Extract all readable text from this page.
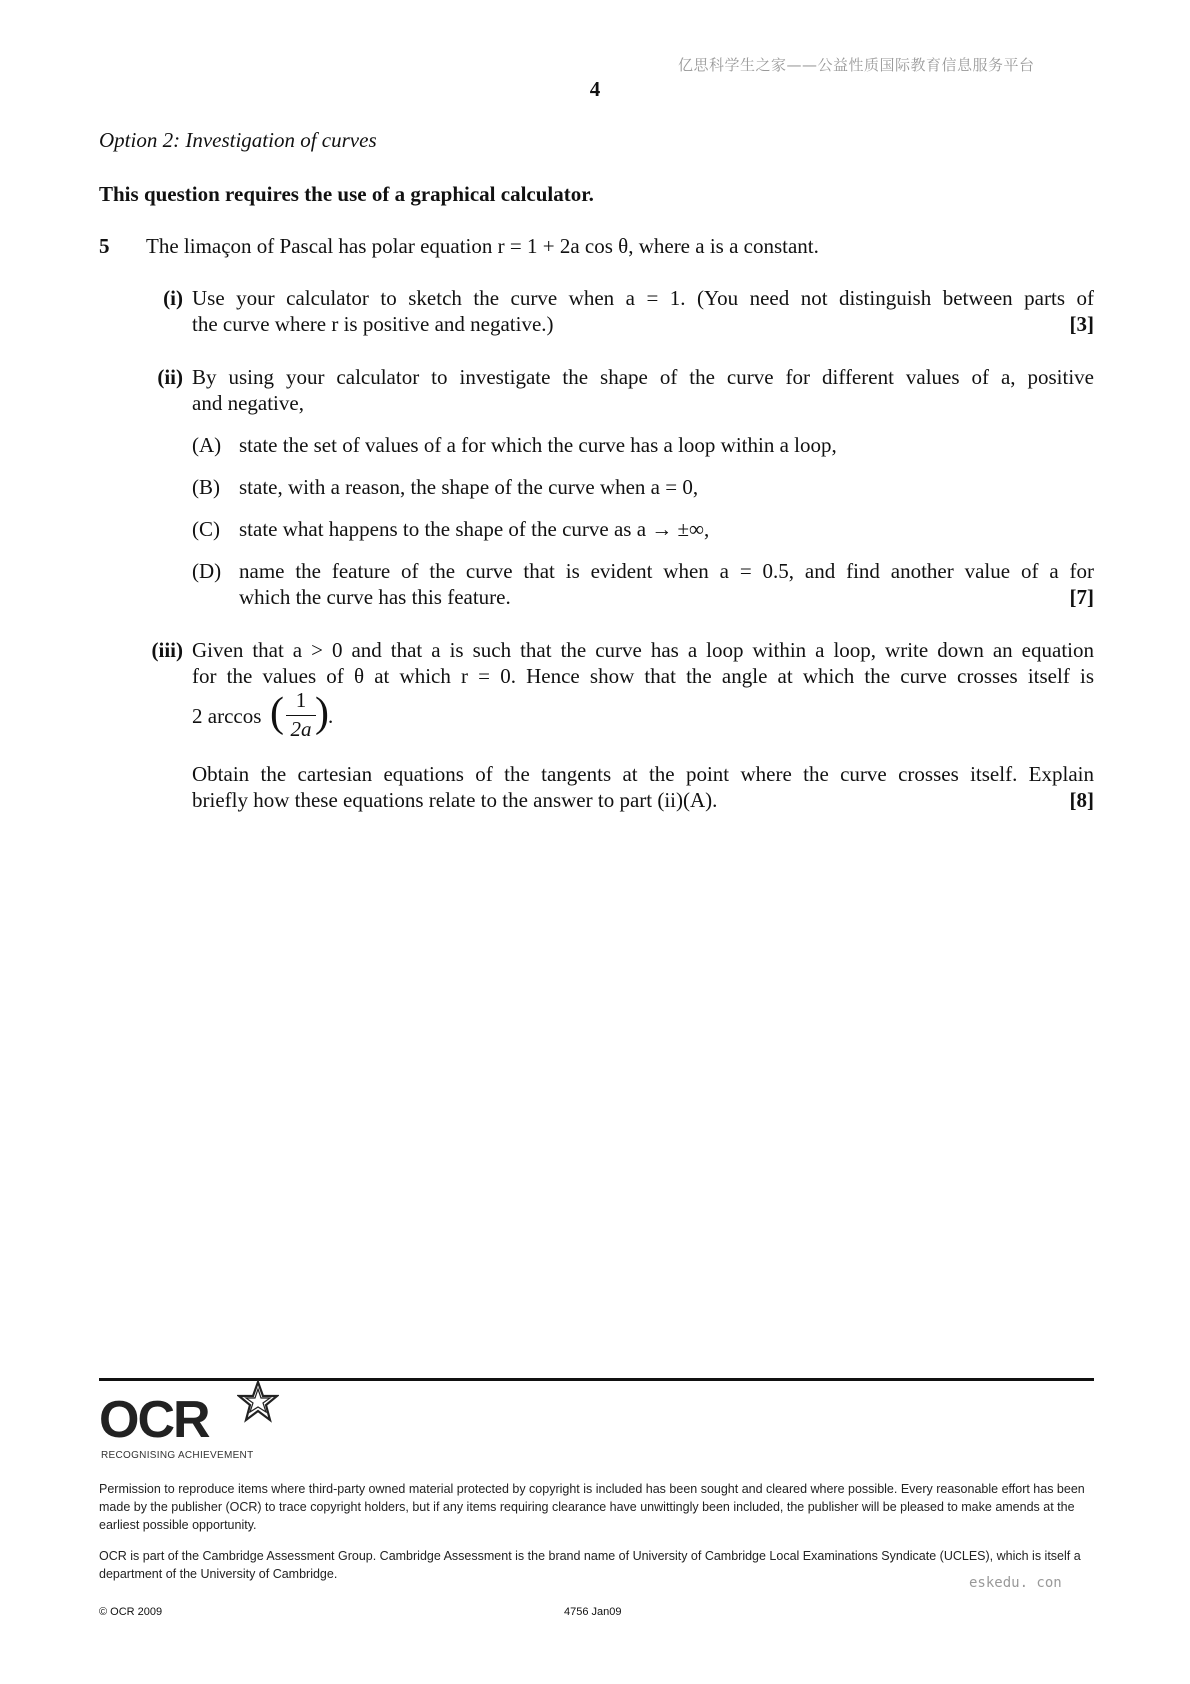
亿思科学生之家——公益性质国际教育信息服务平台
4
Option 2: Investigation of curves
This question requires the use of a graphical calculator.
5 The limaçon of Pascal has polar equation r = 1 + 2a cos θ, where a is a constant.
(i) Use your calculator to sketch the curve when a = 1. (You need not distinguish between parts of
the curve where r is positive and negative.)	[3]
(ii) By using your calculator to investigate the shape of the curve for different values of a, positive
and negative,
(A) state the set of values of a for which the curve has a loop within a loop,
(B) state, with a reason, the shape of the curve when a = 0,
(C) state what happens to the shape of the curve as a → ±∞,
(D) name the feature of the curve that is evident when a = 0.5, and find another value of a for
which the curve has this feature.	[7]
(iii) Given that a > 0 and that a is such that the curve has a loop within a loop, write down an equation
for the values of θ at which r = 0. Hence show that the angle at which the curve crosses itself is
2 arccos ( 1
2a ) .
Obtain the cartesian equations of the tangents at the point where the curve crosses itself. Explain
briefly how these equations relate to the answer to part (ii)(A).	[8]
OCR
RECOGNISING ACHIEVEMENT
Permission to reproduce items where third-party owned material protected by copyright is included has been sought and cleared where possible. Every reasonable effort has been made by the publisher (OCR) to trace copyright holders, but if any items requiring clearance have unwittingly been included, the publisher will be pleased to make amends at the earliest possible opportunity.
OCR is part of the Cambridge Assessment Group. Cambridge Assessment is the brand name of University of Cambridge Local Examinations Syndicate (UCLES), which is itself a department of the University of Cambridge.
eskedu. con
© OCR 2009	4756 Jan09
